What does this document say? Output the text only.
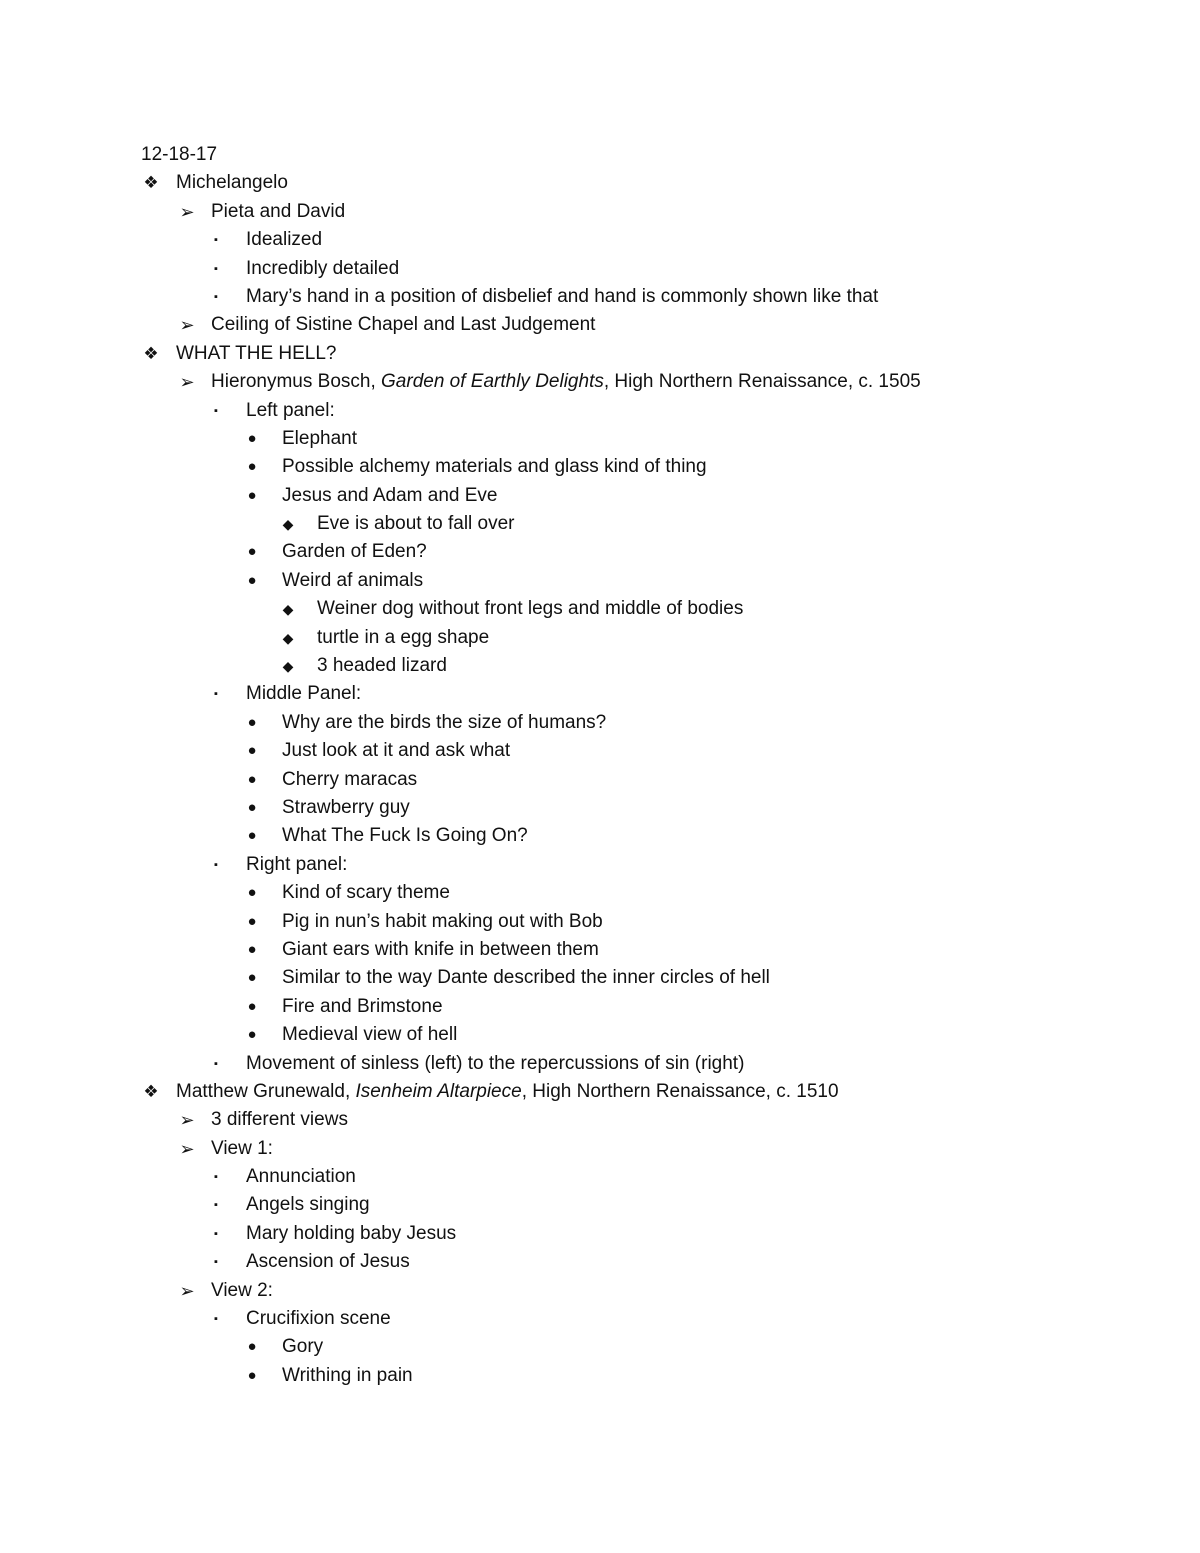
12-18-17
❖ Michelangelo
➢ Pieta and David
▪	Idealized
▪	Incredibly detailed
▪	Mary’s hand in a position of disbelief and hand is commonly shown like that
➢ Ceiling of Sistine Chapel and Last Judgement
❖ WHAT THE HELL?
➢ Hieronymus Bosch, Garden of Earthly Delights, High Northern Renaissance, c. 1505
▪	Left panel:
●	Elephant
●	Possible alchemy materials and glass kind of thing
●	Jesus and Adam and Eve
◆ Eve is about to fall over
●	Garden of Eden?
●	Weird af animals
◆ Weiner dog without front legs and middle of bodies
◆ turtle in a egg shape
◆ 3 headed lizard
▪	Middle Panel:
●	Why are the birds the size of humans?
●	Just look at it and ask what
●	Cherry maracas
●	Strawberry guy
●	What The Fuck Is Going On?
▪	Right panel:
●	Kind of scary theme
●	Pig in nun’s habit making out with Bob
●	Giant ears with knife in between them
●	Similar to the way Dante described the inner circles of hell
●	Fire and Brimstone
●	Medieval view of hell
▪	Movement of sinless (left) to the repercussions of sin (right)
❖ Matthew Grunewald, Isenheim Altarpiece, High Northern Renaissance, c. 1510
➢ 3 different views
➢ View 1:
▪	Annunciation
▪	Angels singing
▪	Mary holding baby Jesus
▪	Ascension of Jesus
➢ View 2:
▪	Crucifixion scene
●	Gory
●	Writhing in pain
